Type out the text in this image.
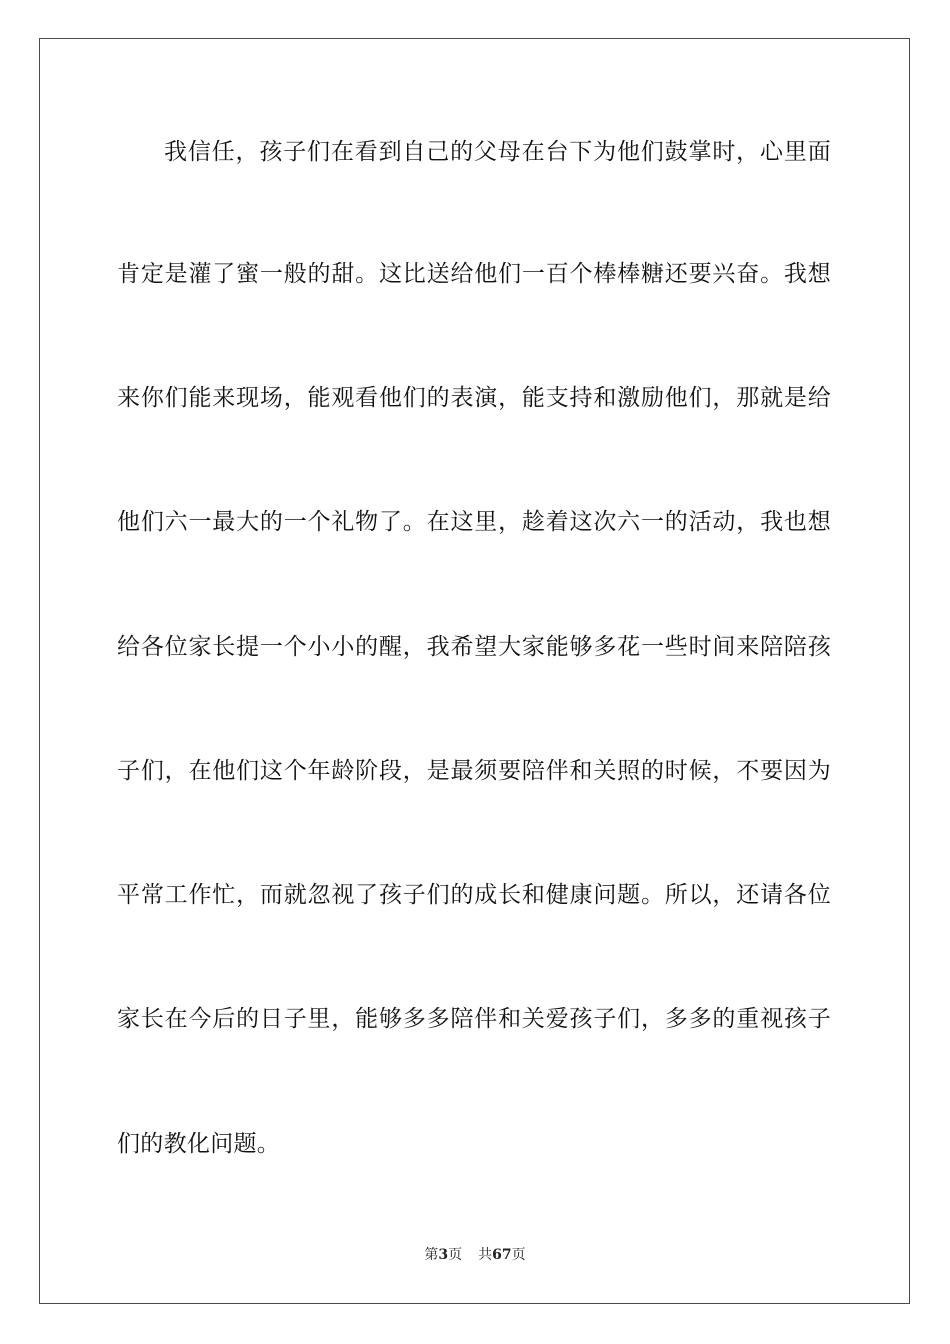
我信任，孩子们在看到自己的父母在台下为他们鼓掌时，心里面
肯定是灌了蜜一般的甜。这比送给他们一百个棒棒糖还要兴奋。我想
来你们能来现场，能观看他们的表演，能支持和激励他们，那就是给
他们六一最大的一个礼物了。在这里，趁着这次六一的活动，我也想
给各位家长提一个小小的醒，我希望大家能够多花一些时间来陪陪孩
子们，在他们这个年龄阶段，是最须要陪伴和关照的时候，不要因为
平常工作忙，而就忽视了孩子们的成长和健康问题。所以，还请各位
家长在今后的日子里，能够多多陪伴和关爱孩子们，多多的重视孩子
们的教化问题。
第3页 共67页
